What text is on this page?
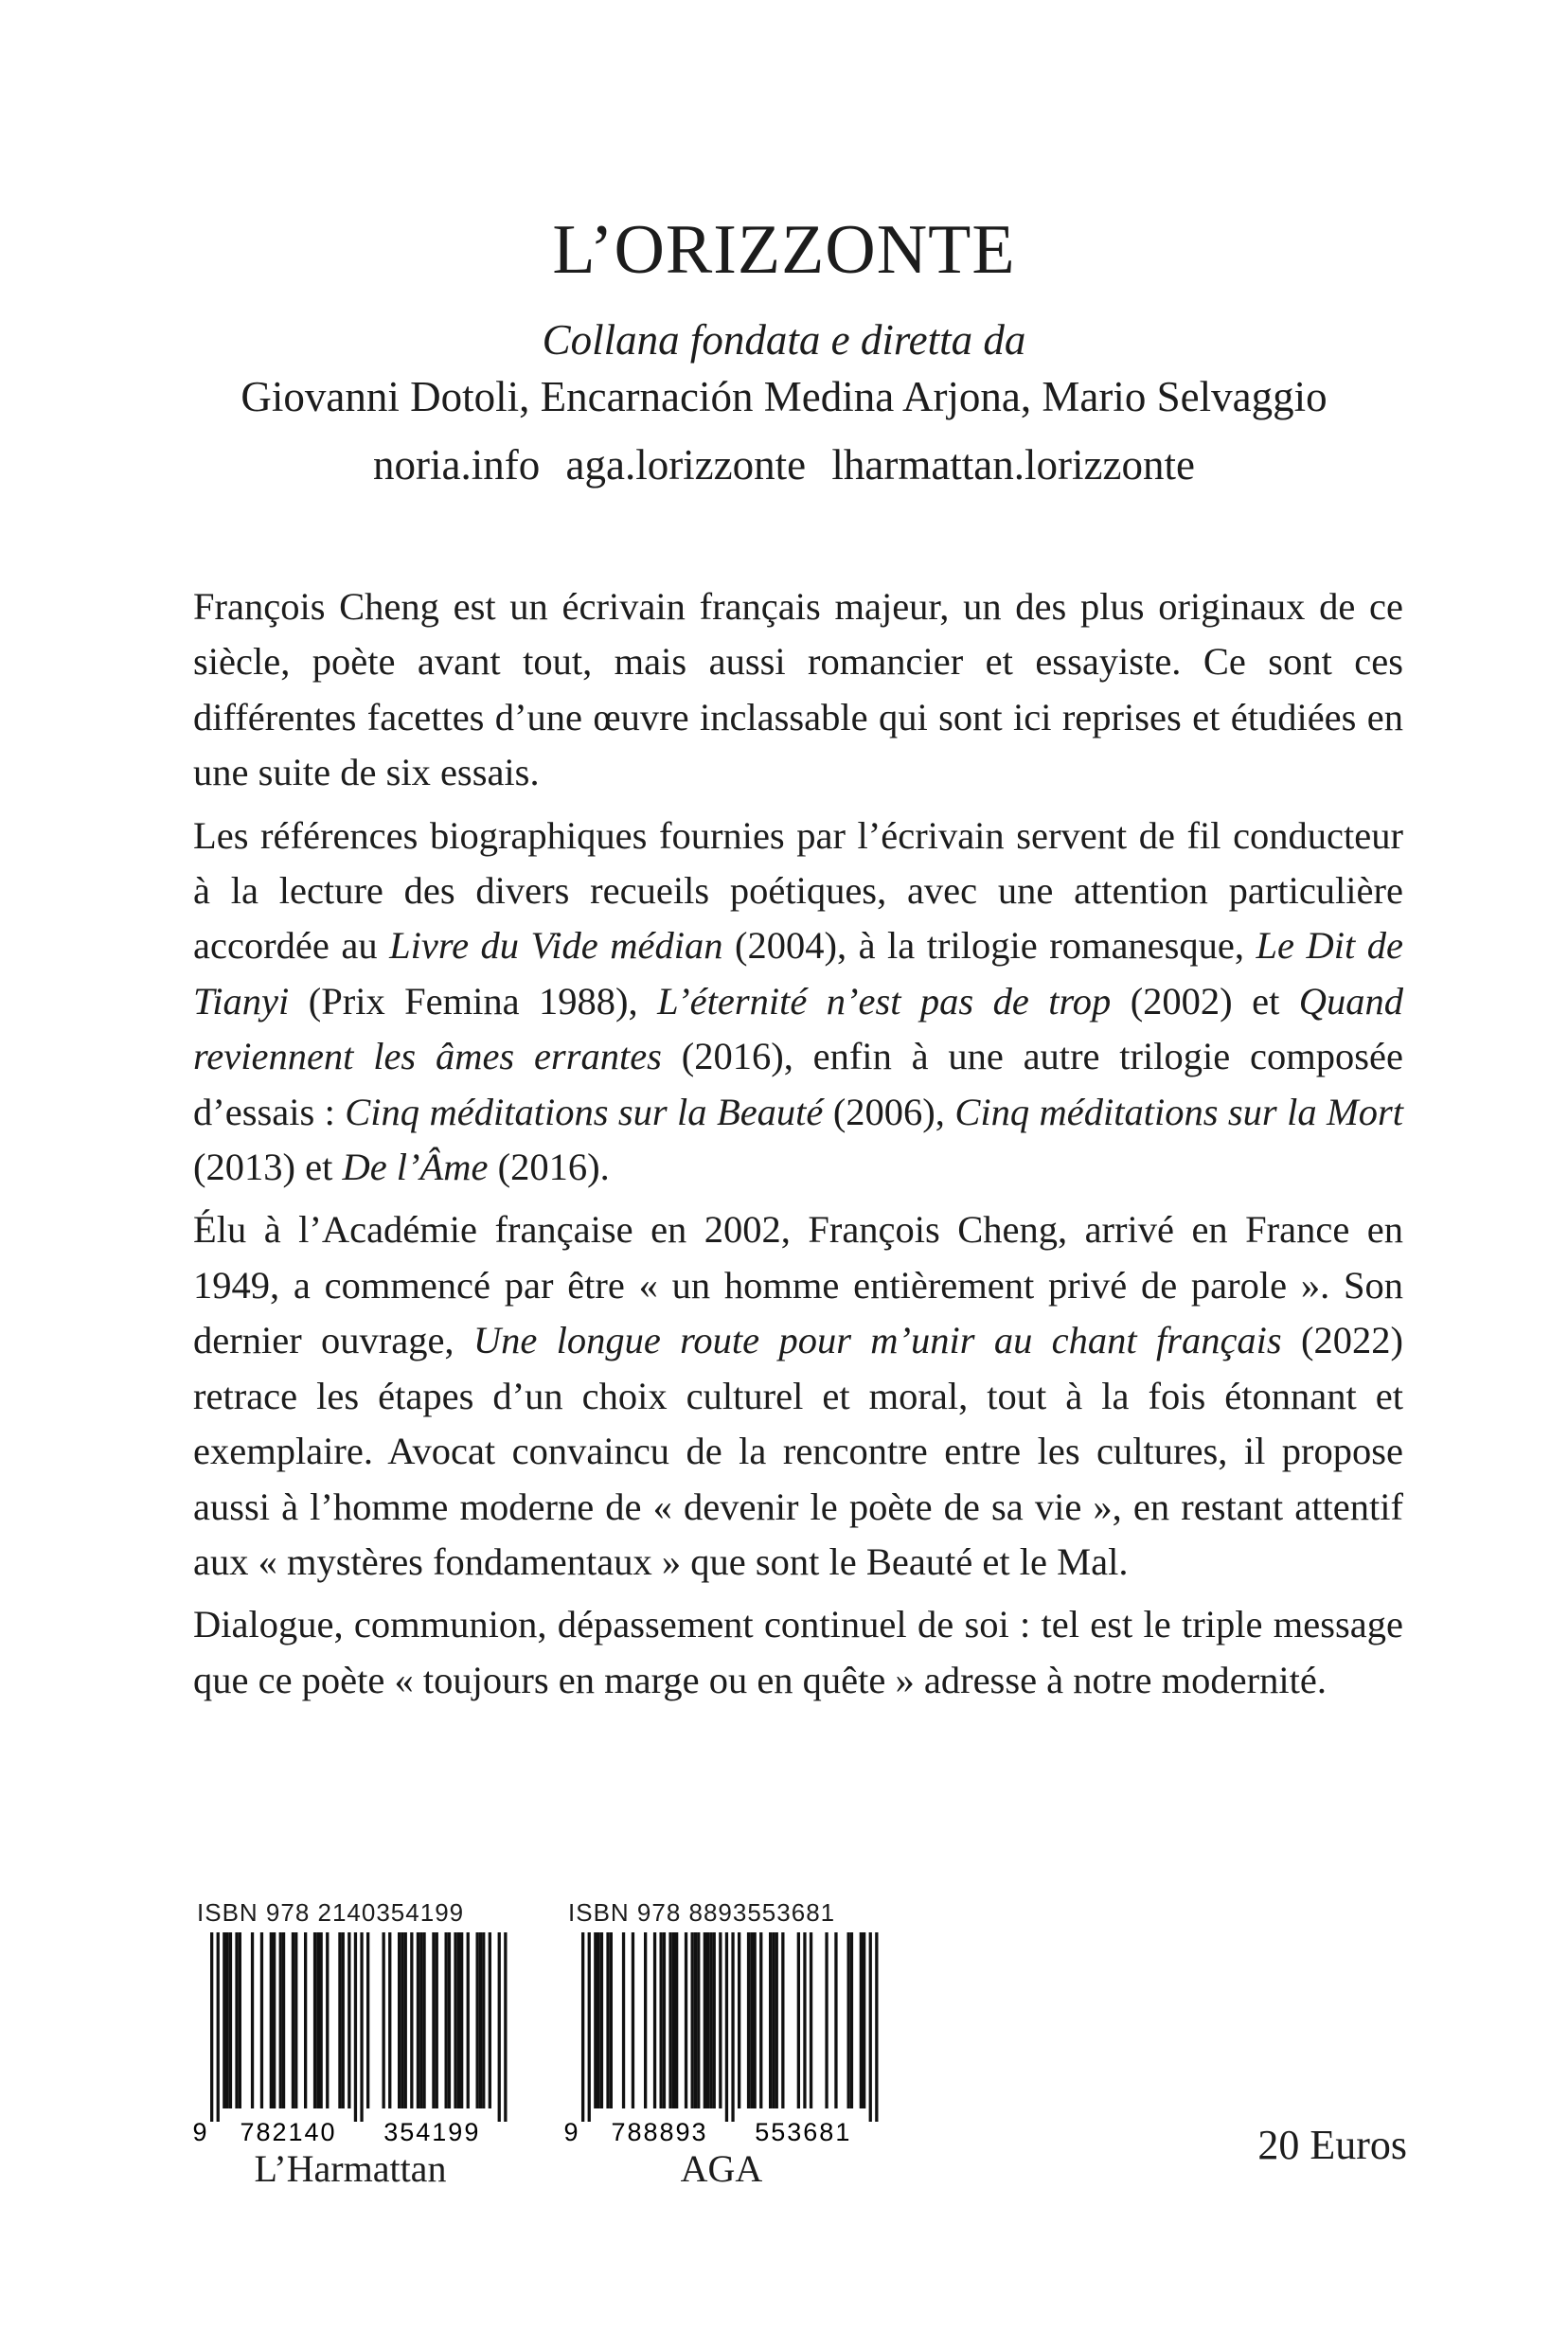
L’ORIZZONTE
Collana fondata e diretta da
Giovanni Dotoli, Encarnación Medina Arjona, Mario Selvaggio
noria.info aga.lorizzonte lharmattan.lorizzonte

François Cheng est un écrivain français majeur, un des plus originaux de ce siècle, poète avant tout, mais aussi romancier et essayiste. Ce sont ces différentes facettes d’une œuvre inclassable qui sont ici reprises et étudiées en une suite de six essais.

Les références biographiques fournies par l’écrivain servent de fil conducteur à la lecture des divers recueils poétiques, avec une attention particulière accordée au Livre du Vide médian (2004), à la trilogie romanesque, Le Dit de Tianyi (Prix Femina 1988), L’éternité n’est pas de trop (2002) et Quand reviennent les âmes errantes (2016), enfin à une autre trilogie composée d’essais : Cinq méditations sur la Beauté (2006), Cinq méditations sur la Mort (2013) et De l’Âme (2016).

Élu à l’Académie française en 2002, François Cheng, arrivé en France en 1949, a commencé par être « un homme entièrement privé de parole ». Son dernier ouvrage, Une longue route pour m’unir au chant français (2022) retrace les étapes d’un choix culturel et moral, tout à la fois étonnant et exemplaire. Avocat convaincu de la rencontre entre les cultures, il propose aussi à l’homme moderne de « devenir le poète de sa vie », en restant attentif aux « mystères fondamentaux » que sont le Beauté et le Mal.

Dialogue, communion, dépassement continuel de soi : tel est le triple message que ce poète « toujours en marge ou en quête » adresse à notre modernité.

ISBN 978 2140354199
9 782140 354199
L’Harmattan
ISBN 978 8893553681
9 788893 553681
AGA
20 Euros
